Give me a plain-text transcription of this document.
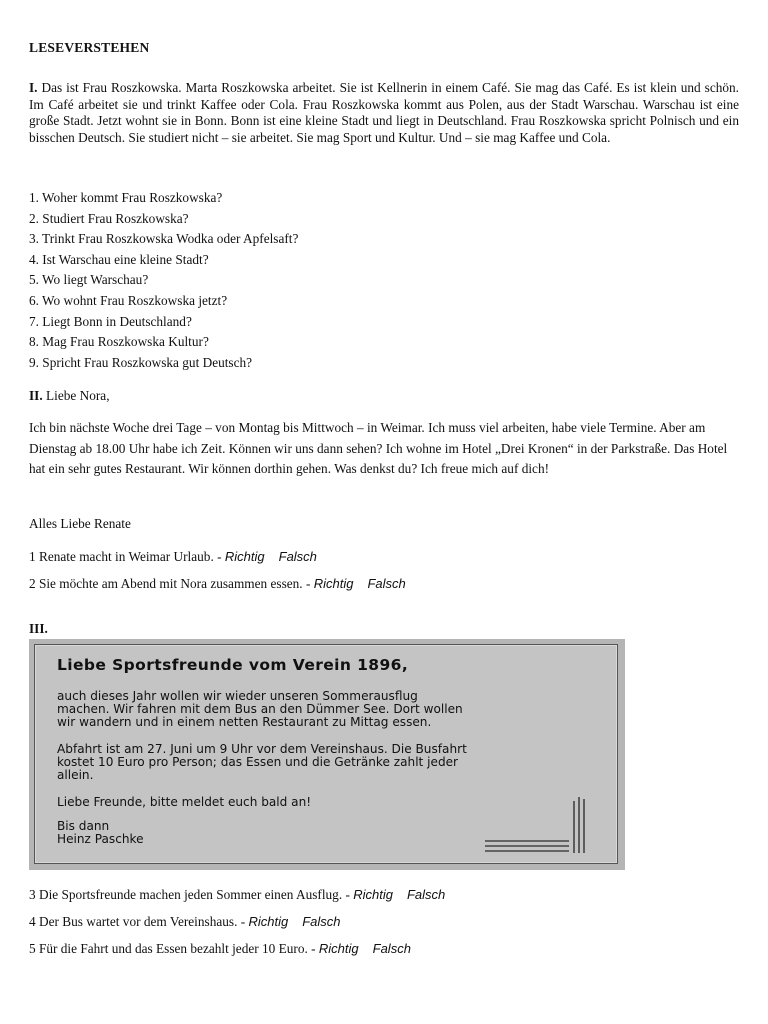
LESEVERSTEHEN
I. Das ist Frau Roszkowska. Marta Roszkowska arbeitet. Sie ist Kellnerin in einem Café. Sie mag das Café. Es ist klein und schön. Im Café arbeitet sie und trinkt Kaffee oder Cola. Frau Roszkowska kommt aus Polen, aus der Stadt Warschau. Warschau ist eine große Stadt. Jetzt wohnt sie in Bonn. Bonn ist eine kleine Stadt und liegt in Deutschland. Frau Roszkowska spricht Polnisch und ein bisschen Deutsch. Sie studiert nicht – sie arbeitet. Sie mag Sport und Kultur. Und – sie mag Kaffee und Cola.
1. Woher kommt Frau Roszkowska?
2. Studiert Frau Roszkowska?
3. Trinkt Frau Roszkowska Wodka oder Apfelsaft?
4. Ist Warschau eine kleine Stadt?
5. Wo liegt Warschau?
6. Wo wohnt Frau Roszkowska jetzt?
7. Liegt Bonn in Deutschland?
8. Mag Frau Roszkowska Kultur?
9. Spricht Frau Roszkowska gut Deutsch?
II. Liebe Nora,
Ich bin nächste Woche drei Tage – von Montag bis Mittwoch – in Weimar. Ich muss viel arbeiten, habe viele Termine. Aber am Dienstag ab 18.00 Uhr habe ich Zeit. Können wir uns dann sehen? Ich wohne im Hotel „Drei Kronen“ in der Parkstraße. Das Hotel hat ein sehr gutes Restaurant. Wir können dorthin gehen. Was denkst du? Ich freue mich auf dich!
Alles Liebe Renate
1 Renate macht in Weimar Urlaub. - Richtig Falsch
2 Sie möchte am Abend mit Nora zusammen essen. - Richtig Falsch
III.
Liebe Sportsfreunde vom Verein 1896,
auch dieses Jahr wollen wir wieder unseren Sommerausflug
machen. Wir fahren mit dem Bus an den Dümmer See. Dort wollen
wir wandern und in einem netten Restaurant zu Mittag essen.
Abfahrt ist am 27. Juni um 9 Uhr vor dem Vereinshaus. Die Busfahrt
kostet 10 Euro pro Person; das Essen und die Getränke zahlt jeder
allein.
Liebe Freunde, bitte meldet euch bald an!
Bis dann
Heinz Paschke
3 Die Sportsfreunde machen jeden Sommer einen Ausflug. - Richtig Falsch
4 Der Bus wartet vor dem Vereinshaus. - Richtig Falsch
5 Für die Fahrt und das Essen bezahlt jeder 10 Euro. - Richtig Falsch
